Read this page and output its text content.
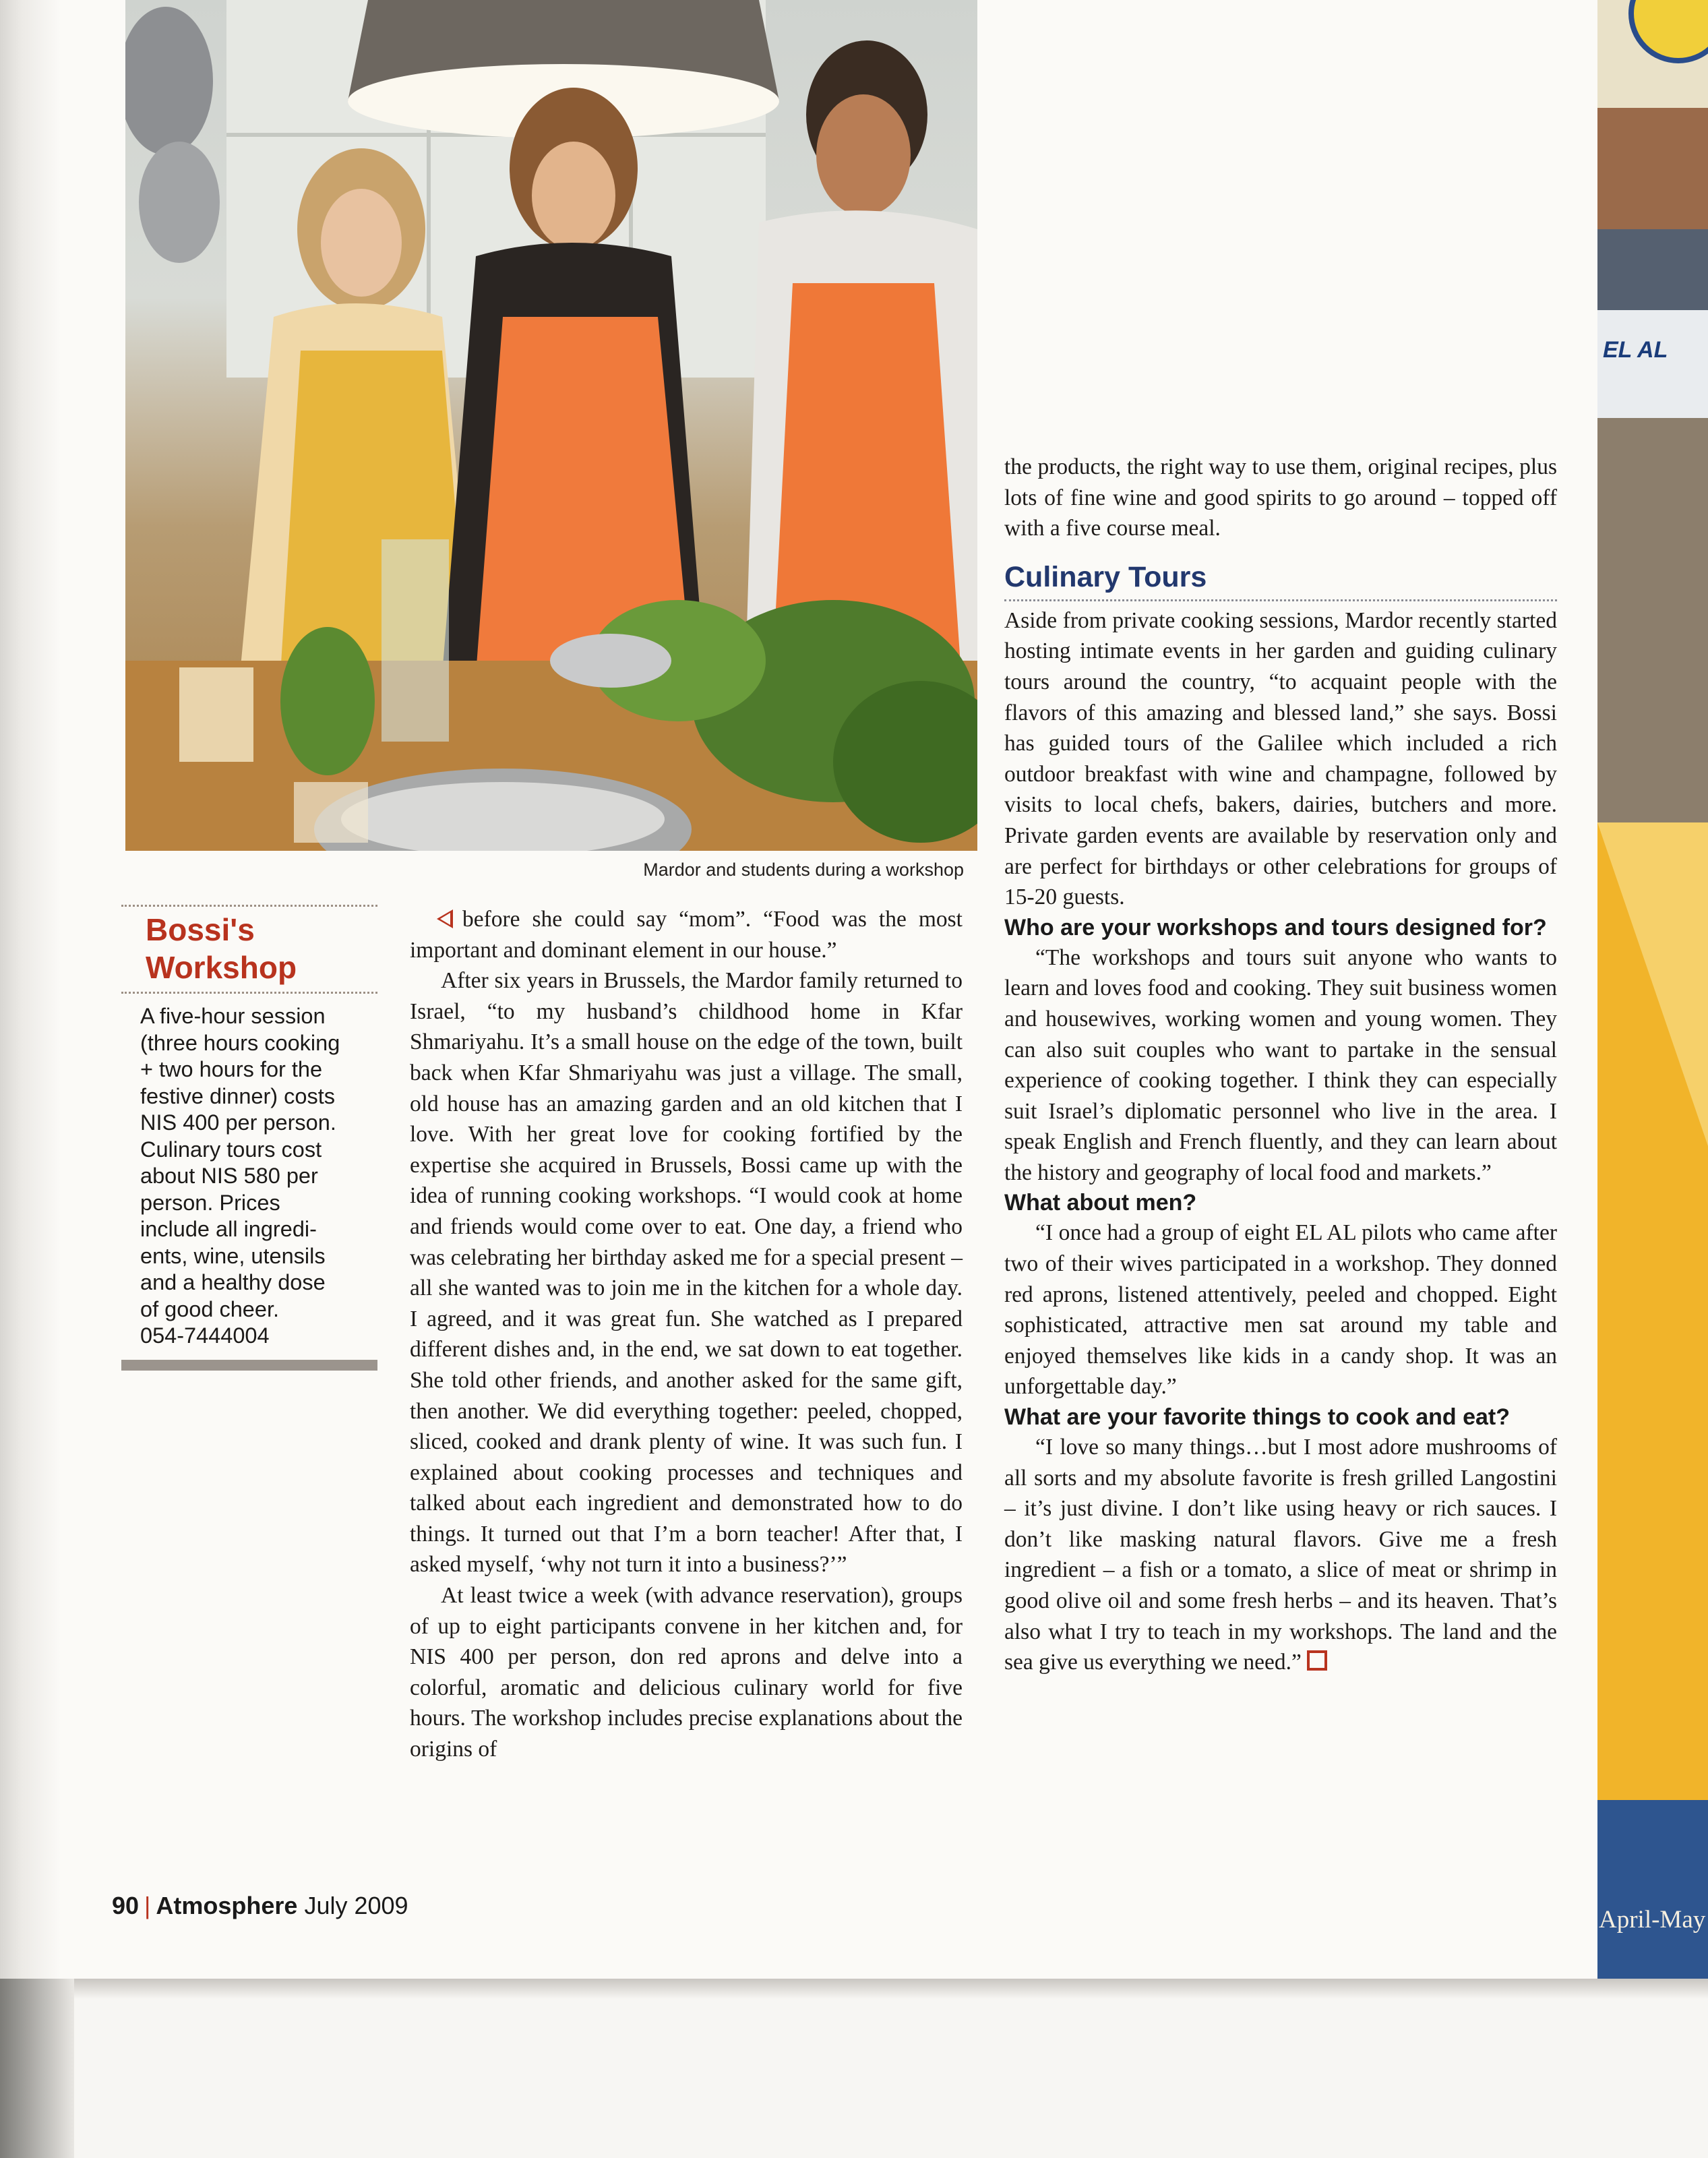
Mardor and students during a workshop
Bossi's
Workshop
A five-hour session
(three hours cooking
+ two hours for the
festive dinner) costs
NIS 400 per person.
Culinary tours cost
about NIS 580 per
person. Prices
include all ingredi-
ents, wine, utensils
and a healthy dose
of good cheer.
054-7444004

before she could say “mom”. “Food was the most important and dominant element in our house.”

After six years in Brussels, the Mardor family returned to Israel, “to my husband’s childhood home in Kfar Shmariyahu. It’s a small house on the edge of the town, built back when Kfar Shmariyahu was just a village. The small, old house has an amazing garden and an old kitchen that I love. With her great love for cooking fortified by the expertise she acquired in Brussels, Bossi came up with the idea of running cooking workshops. “I would cook at home and friends would come over to eat. One day, a friend who was celebrating her birthday asked me for a special present – all she wanted was to join me in the kitchen for a whole day. I agreed, and it was great fun. She watched as I prepared different dishes and, in the end, we sat down to eat together. She told other friends, and another asked for the same gift, then another. We did everything together: peeled, chopped, sliced, cooked and drank plenty of wine. It was such fun. I explained about cooking processes and techniques and talked about each ingredient and demonstrated how to do things. It turned out that I’m a born teacher! After that, I asked myself, ‘why not turn it into a business?’”

At least twice a week (with advance reservation), groups of up to eight participants convene in her kitchen and, for NIS 400 per person, don red aprons and delve into a colorful, aromatic and delicious culinary world for five hours. The workshop includes precise explanations about the origins of

the products, the right way to use them, original recipes, plus lots of fine wine and good spirits to go around – topped off with a five course meal.

Culinary Tours

Aside from private cooking sessions, Mardor recently started hosting intimate events in her garden and guiding culinary tours around the country, “to acquaint people with the flavors of this amazing and blessed land,” she says. Bossi has guided tours of the Galilee which included a rich outdoor breakfast with wine and champagne, followed by visits to local chefs, bakers, dairies, butchers and more. Private garden events are available by reservation only and are perfect for birthdays or other celebrations for groups of 15-20 guests.

Who are your workshops and tours designed for?

“The workshops and tours suit anyone who wants to learn and loves food and cooking. They suit business women and housewives, working women and young women. They can also suit couples who want to partake in the sensual experience of cooking together. I think they can especially suit Israel’s diplomatic personnel who live in the area. I speak English and French fluently, and they can learn about the history and geography of local food and markets.”

What about men?

“I once had a group of eight EL AL pilots who came after two of their wives participated in a workshop. They donned red aprons, listened attentively, peeled and chopped. Eight sophisticated, attractive men sat around my table and enjoyed themselves like kids in a candy shop. It was an unforgettable day.”

What are your favorite things to cook and eat?

“I love so many things…but I most adore mushrooms of all sorts and my absolute favorite is fresh grilled Langostini – it’s just divine. I don’t like using heavy or rich sauces. I don’t like masking natural flavors. Give me a fresh ingredient – a fish or a tomato, a slice of meat or shrimp in good olive oil and some fresh herbs – and its heaven. That’s also what I try to teach in my workshops. The land and the sea give us everything we need.”

90 | Atmosphere July 2009
EL AL
April-May
